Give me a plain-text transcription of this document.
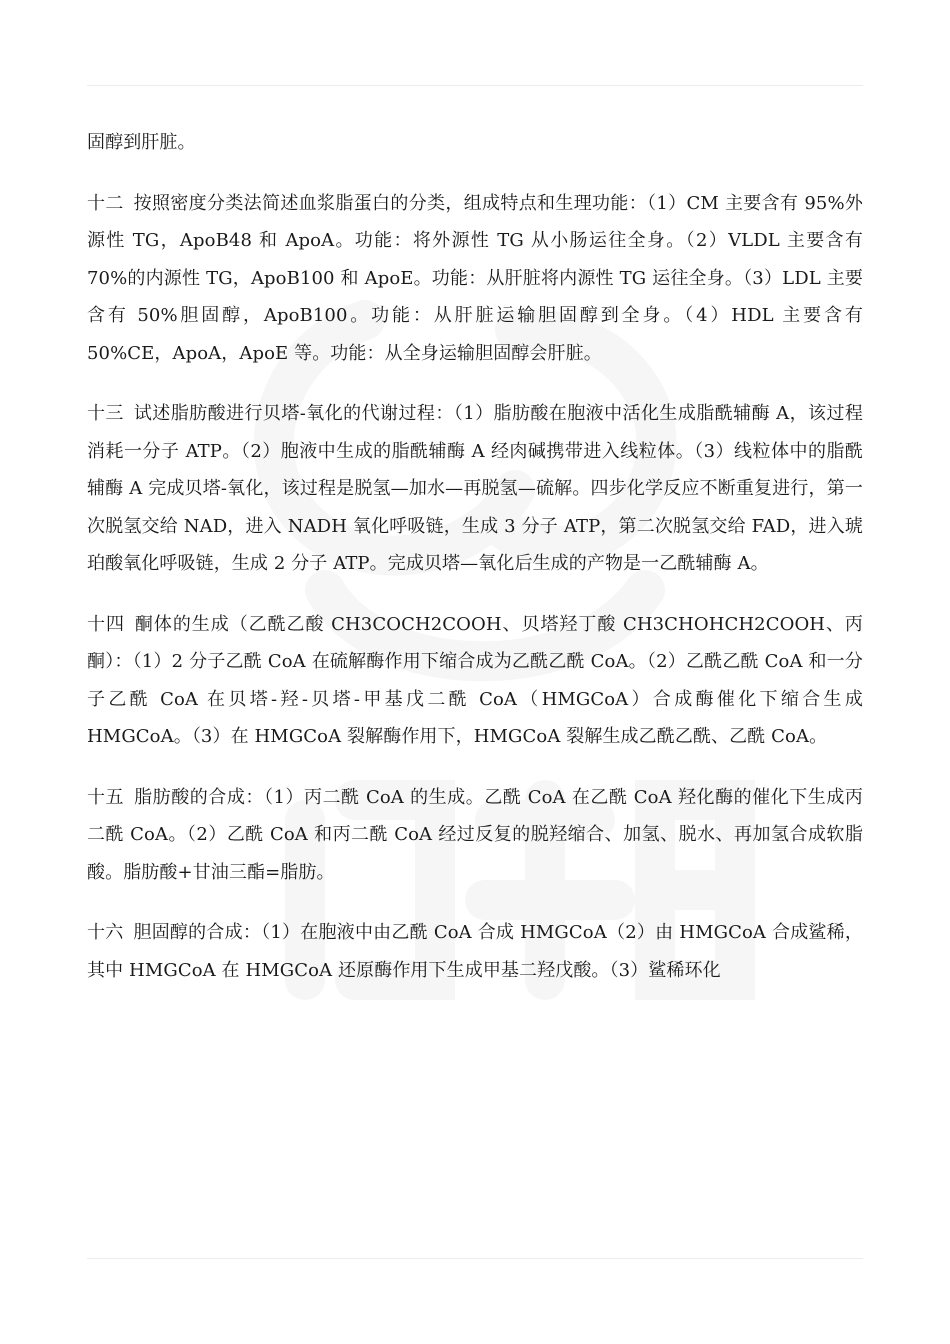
固醇到肝脏。

十二 按照密度分类法简述血浆脂蛋白的分类，组成特点和生理功能：（1）CM 主要含有 95%外源性 TG，ApoB48 和 ApoA。功能：将外源性 TG 从小肠运往全身。（2）VLDL 主要含有 70%的内源性 TG，ApoB100 和 ApoE。功能：从肝脏将内源性 TG 运往全身。（3）LDL 主要含有 50%胆固醇，ApoB100。功能：从肝脏运输胆固醇到全身。（4）HDL 主要含有 50%CE，ApoA，ApoE 等。功能：从全身运输胆固醇会肝脏。

十三 试述脂肪酸进行贝塔-氧化的代谢过程：（1）脂肪酸在胞液中活化生成脂酰辅酶 A，该过程消耗一分子 ATP。（2）胞液中生成的脂酰辅酶 A 经肉碱携带进入线粒体。（3）线粒体中的脂酰辅酶 A 完成贝塔-氧化，该过程是脱氢—加水—再脱氢—硫解。四步化学反应不断重复进行，第一次脱氢交给 NAD，进入 NADH 氧化呼吸链，生成 3 分子 ATP，第二次脱氢交给 FAD，进入琥珀酸氧化呼吸链，生成 2 分子 ATP。完成贝塔—氧化后生成的产物是一乙酰辅酶 A。

十四 酮体的生成（乙酰乙酸 CH3COCH2COOH、贝塔羟丁酸 CH3CHOHCH2COOH、丙酮）：（1）2 分子乙酰 CoA 在硫解酶作用下缩合成为乙酰乙酰 CoA。（2）乙酰乙酰 CoA 和一分子乙酰 CoA 在贝塔-羟-贝塔-甲基戊二酰 CoA（HMGCoA）合成酶催化下缩合生成 HMGCoA。（3）在 HMGCoA 裂解酶作用下，HMGCoA 裂解生成乙酰乙酰、乙酰 CoA。

十五 脂肪酸的合成：（1）丙二酰 CoA 的生成。乙酰 CoA 在乙酰 CoA 羟化酶的催化下生成丙二酰 CoA。（2）乙酰 CoA 和丙二酰 CoA 经过反复的脱羟缩合、加氢、脱水、再加氢合成软脂酸。脂肪酸+甘油三酯=脂肪。

十六 胆固醇的合成：（1）在胞液中由乙酰 CoA 合成 HMGCoA（2）由 HMGCoA 合成鲨稀，其中 HMGCoA 在 HMGCoA 还原酶作用下生成甲基二羟戊酸。（3）鲨稀环化
